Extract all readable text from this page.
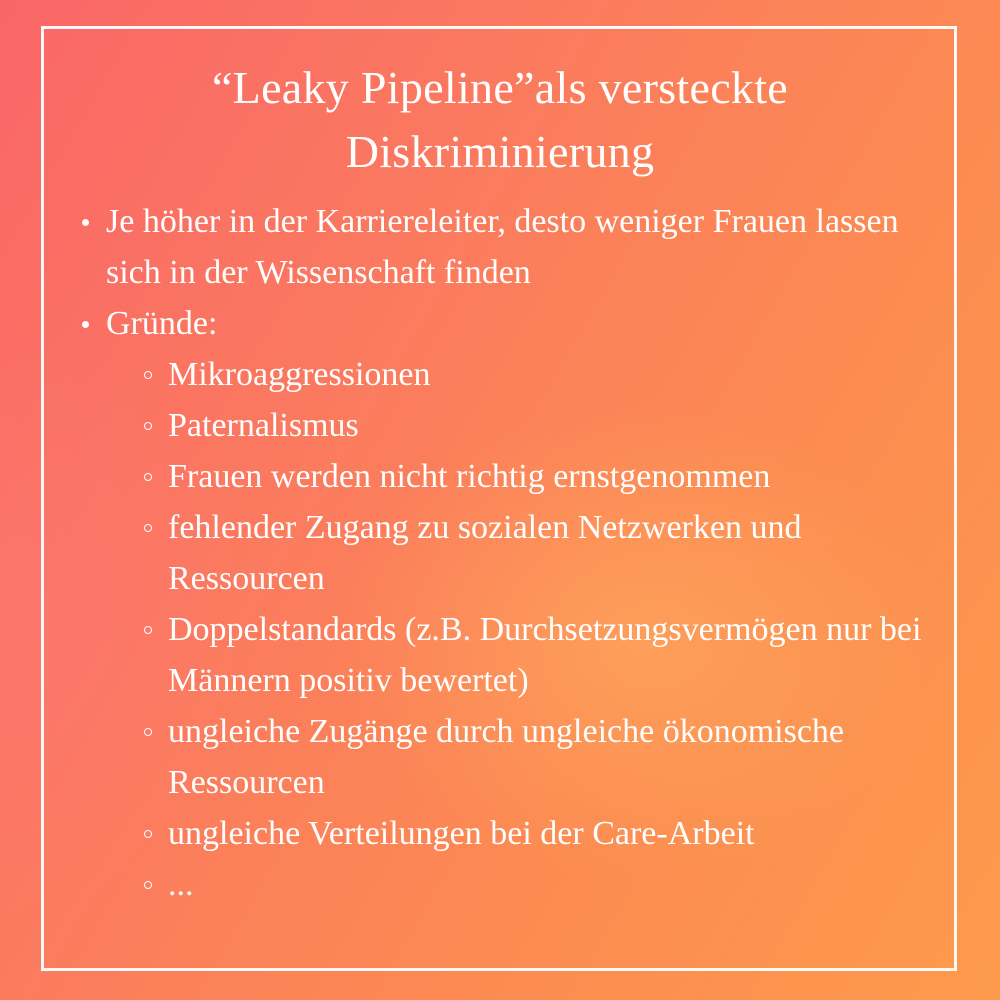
“Leaky Pipeline”als versteckte Diskriminierung
Je höher in der Karriereleiter, desto weniger Frauen lassen sich in der Wissenschaft finden
Gründe:
Mikroaggressionen
Paternalismus
Frauen werden nicht richtig ernstgenommen
fehlender Zugang zu sozialen Netzwerken und Ressourcen
Doppelstandards (z.B. Durchsetzungsvermögen nur bei Männern positiv bewertet)
ungleiche Zugänge durch ungleiche ökonomische Ressourcen
ungleiche Verteilungen bei der Care-Arbeit
...
